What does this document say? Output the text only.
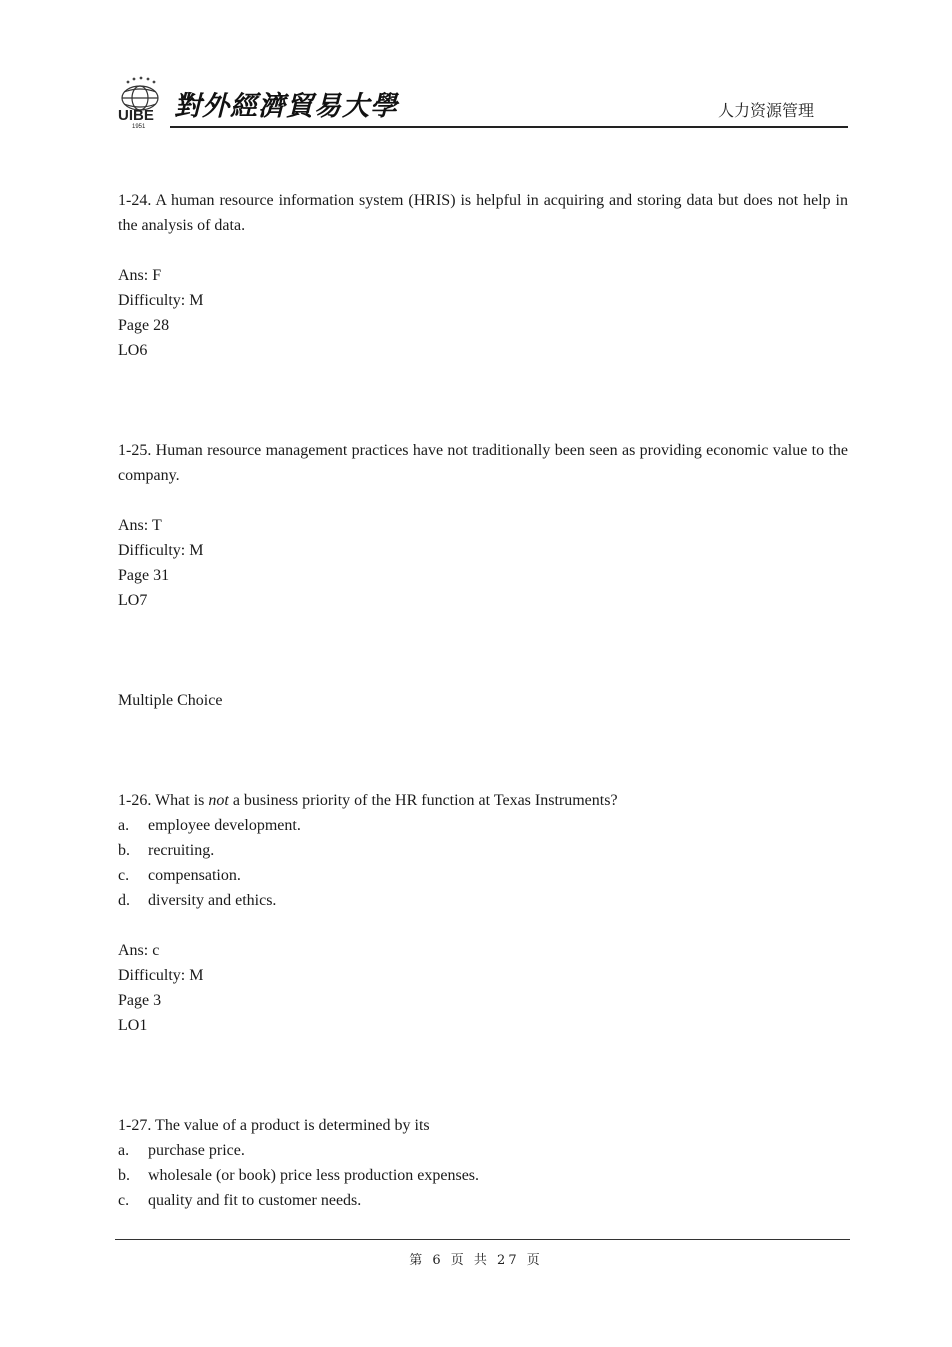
UIBE
1951
對外經濟貿易大學	人力资源管理

1-24. A human resource information system (HRIS) is helpful in acquiring and storing data but does not help in the analysis of data.

Ans: F

Difficulty: M

Page 28

LO6

1-25. Human resource management practices have not traditionally been seen as providing economic value to the company.

Ans: T

Difficulty: M

Page 31

LO7

Multiple Choice

1-26. What is not a business priority of the HR function at Texas Instruments?

a. employee development.

b. recruiting.

c. compensation.

d. diversity and ethics.

Ans: c

Difficulty: M

Page 3

LO1

1-27. The value of a product is determined by its

a. purchase price.

b. wholesale (or book) price less production expenses.

c. quality and fit to customer needs.

第 6 页 共 27 页
